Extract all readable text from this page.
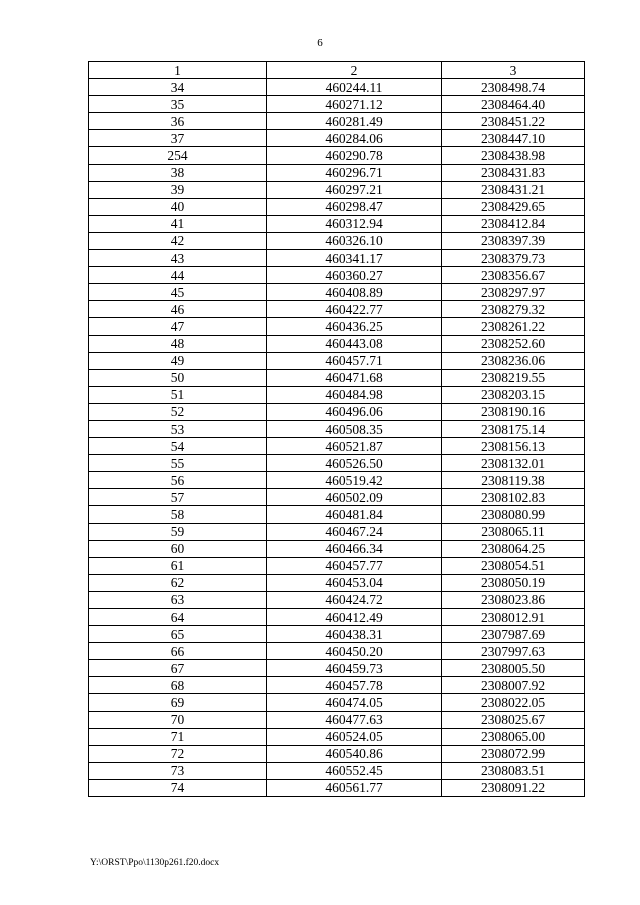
6
1	2	3
34	460244.11	2308498.74
35	460271.12	2308464.40
36	460281.49	2308451.22
37	460284.06	2308447.10
254	460290.78	2308438.98
38	460296.71	2308431.83
39	460297.21	2308431.21
40	460298.47	2308429.65
41	460312.94	2308412.84
42	460326.10	2308397.39
43	460341.17	2308379.73
44	460360.27	2308356.67
45	460408.89	2308297.97
46	460422.77	2308279.32
47	460436.25	2308261.22
48	460443.08	2308252.60
49	460457.71	2308236.06
50	460471.68	2308219.55
51	460484.98	2308203.15
52	460496.06	2308190.16
53	460508.35	2308175.14
54	460521.87	2308156.13
55	460526.50	2308132.01
56	460519.42	2308119.38
57	460502.09	2308102.83
58	460481.84	2308080.99
59	460467.24	2308065.11
60	460466.34	2308064.25
61	460457.77	2308054.51
62	460453.04	2308050.19
63	460424.72	2308023.86
64	460412.49	2308012.91
65	460438.31	2307987.69
66	460450.20	2307997.63
67	460459.73	2308005.50
68	460457.78	2308007.92
69	460474.05	2308022.05
70	460477.63	2308025.67
71	460524.05	2308065.00
72	460540.86	2308072.99
73	460552.45	2308083.51
74	460561.77	2308091.22
Y:\ORST\Ppo\1130p261.f20.docx
